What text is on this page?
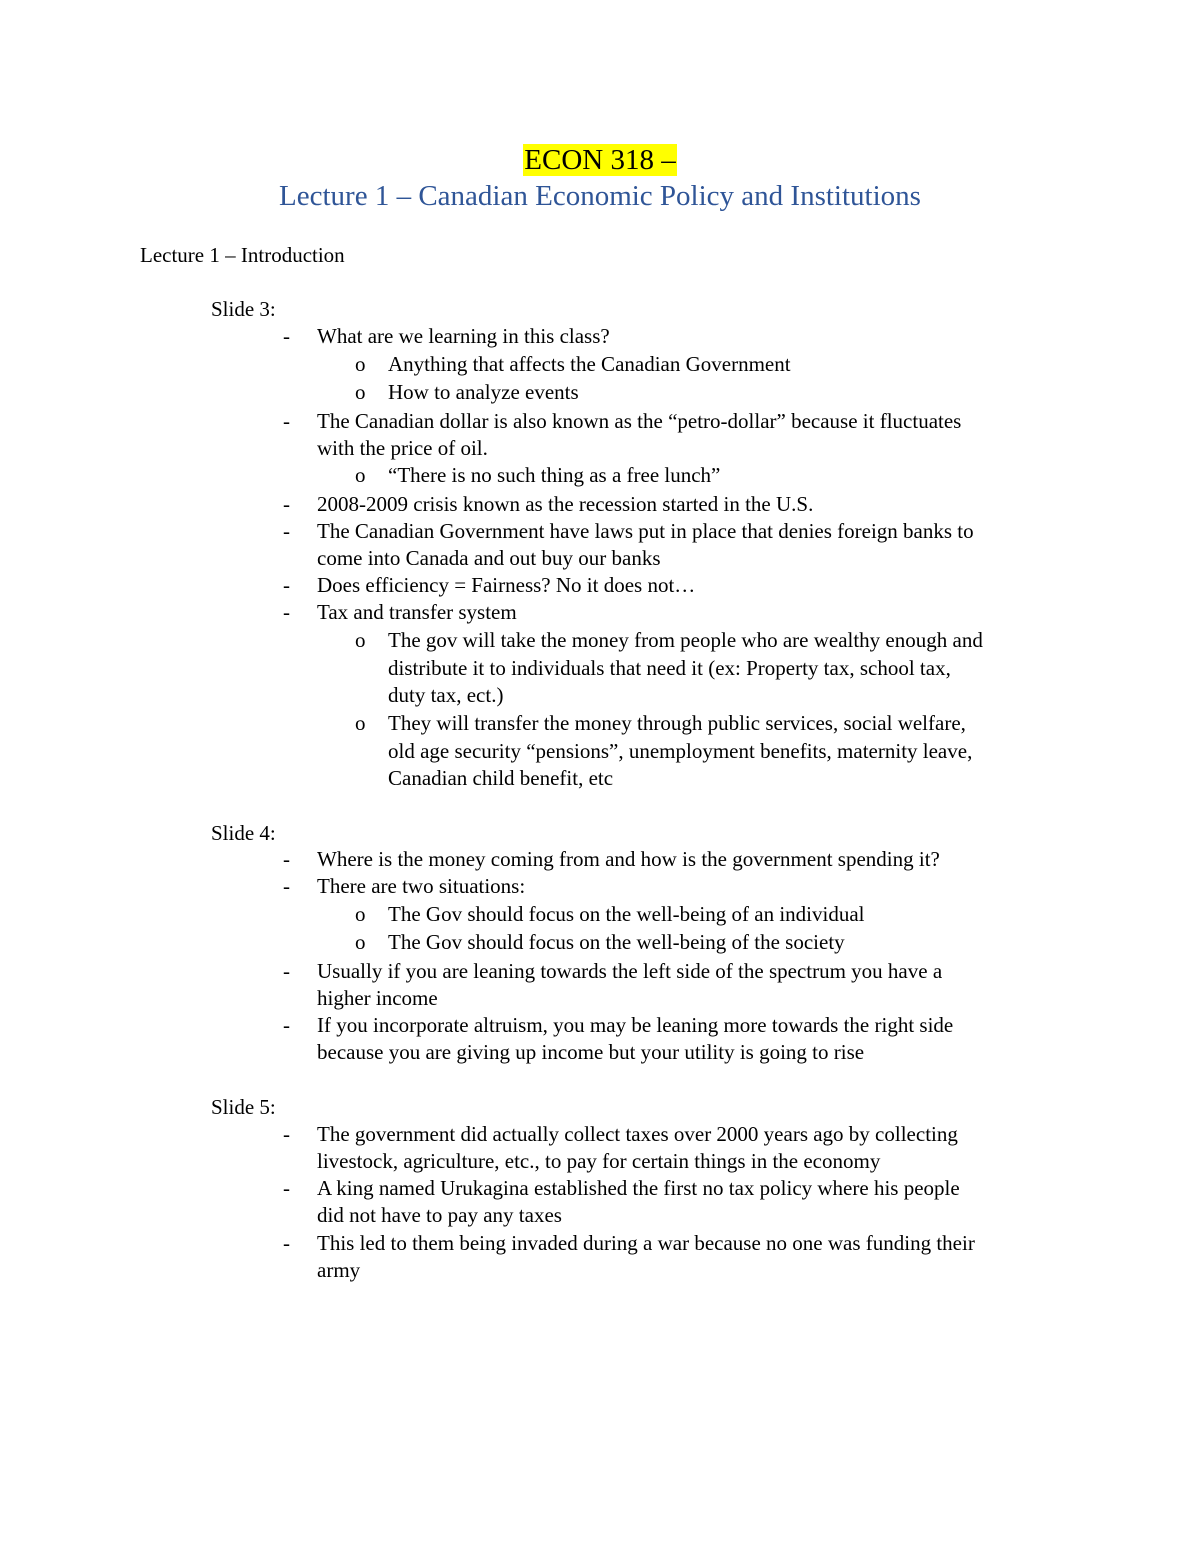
ECON 318 –
Lecture 1 – Canadian Economic Policy and Institutions
Lecture 1 – Introduction
Slide 3:
- What are we learning in this class?
o Anything that affects the Canadian Government
o How to analyze events
- The Canadian dollar is also known as the “petro-dollar” because it fluctuates
with the price of oil.
o “There is no such thing as a free lunch”
- 2008-2009 crisis known as the recession started in the U.S.
- The Canadian Government have laws put in place that denies foreign banks to
come into Canada and out buy our banks
- Does efficiency = Fairness? No it does not…
- Tax and transfer system
o The gov will take the money from people who are wealthy enough and
distribute it to individuals that need it (ex: Property tax, school tax,
duty tax, ect.)
o They will transfer the money through public services, social welfare,
old age security “pensions”, unemployment benefits, maternity leave,
Canadian child benefit, etc
Slide 4:
- Where is the money coming from and how is the government spending it?
- There are two situations:
o The Gov should focus on the well-being of an individual
o The Gov should focus on the well-being of the society
- Usually if you are leaning towards the left side of the spectrum you have a
higher income
- If you incorporate altruism, you may be leaning more towards the right side
because you are giving up income but your utility is going to rise
Slide 5:
- The government did actually collect taxes over 2000 years ago by collecting
livestock, agriculture, etc., to pay for certain things in the economy
- A king named Urukagina established the first no tax policy where his people
did not have to pay any taxes
- This led to them being invaded during a war because no one was funding their
army
